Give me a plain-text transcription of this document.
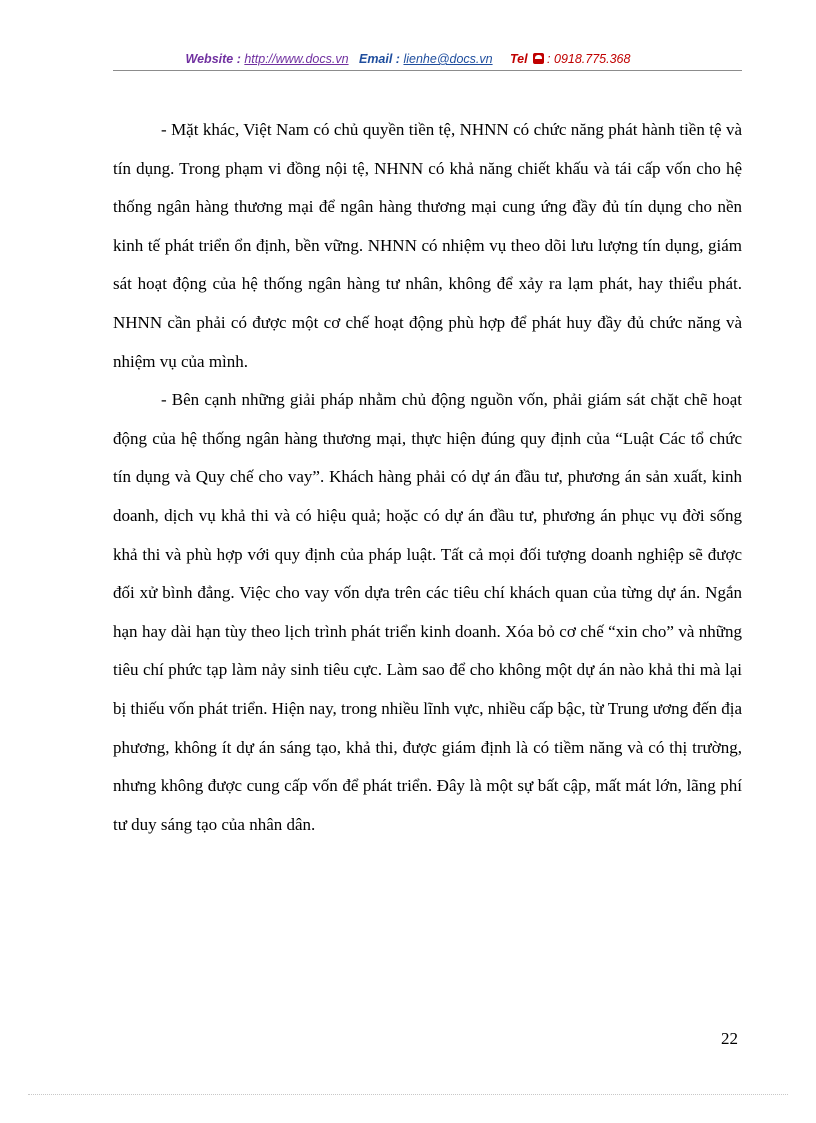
Website : http://www.docs.vn Email : lienhe@docs.vn Tel : 0918.775.368

- Mặt khác, Việt Nam có chủ quyền tiền tệ, NHNN có chức năng phát hành tiền tệ và tín dụng. Trong phạm vi đồng nội tệ, NHNN có khả năng chiết khấu và tái cấp vốn cho hệ thống ngân hàng thương mại để ngân hàng thương mại cung ứng đầy đủ tín dụng cho nền kinh tế phát triển ổn định, bền vững. NHNN có nhiệm vụ theo dõi lưu lượng tín dụng, giám sát hoạt động của hệ thống ngân hàng tư nhân, không để xảy ra lạm phát, hay thiểu phát. NHNN cần phải có được một cơ chế hoạt động phù hợp để phát huy đầy đủ chức năng và nhiệm vụ của mình.

- Bên cạnh những giải pháp nhằm chủ động nguồn vốn, phải giám sát chặt chẽ hoạt động của hệ thống ngân hàng thương mại, thực hiện đúng quy định của “Luật Các tổ chức tín dụng và Quy chế cho vay”. Khách hàng phải có dự án đầu tư, phương án sản xuất, kinh doanh, dịch vụ khả thi và có hiệu quả; hoặc có dự án đầu tư, phương án phục vụ đời sống khả thi và phù hợp với quy định của pháp luật. Tất cả mọi đối tượng doanh nghiệp sẽ được đối xử bình đẳng. Việc cho vay vốn dựa trên các tiêu chí khách quan của từng dự án. Ngắn hạn hay dài hạn tùy theo lịch trình phát triển kinh doanh. Xóa bỏ cơ chế “xin cho” và những tiêu chí phức tạp làm nảy sinh tiêu cực. Làm sao để cho không một dự án nào khả thi mà lại bị thiếu vốn phát triển. Hiện nay, trong nhiều lĩnh vực, nhiều cấp bậc, từ Trung ương đến địa phương, không ít dự án sáng tạo, khả thi, được giám định là có tiềm năng và có thị trường, nhưng không được cung cấp vốn để phát triển. Đây là một sự bất cập, mất mát lớn, lãng phí tư duy sáng tạo của nhân dân.

22
